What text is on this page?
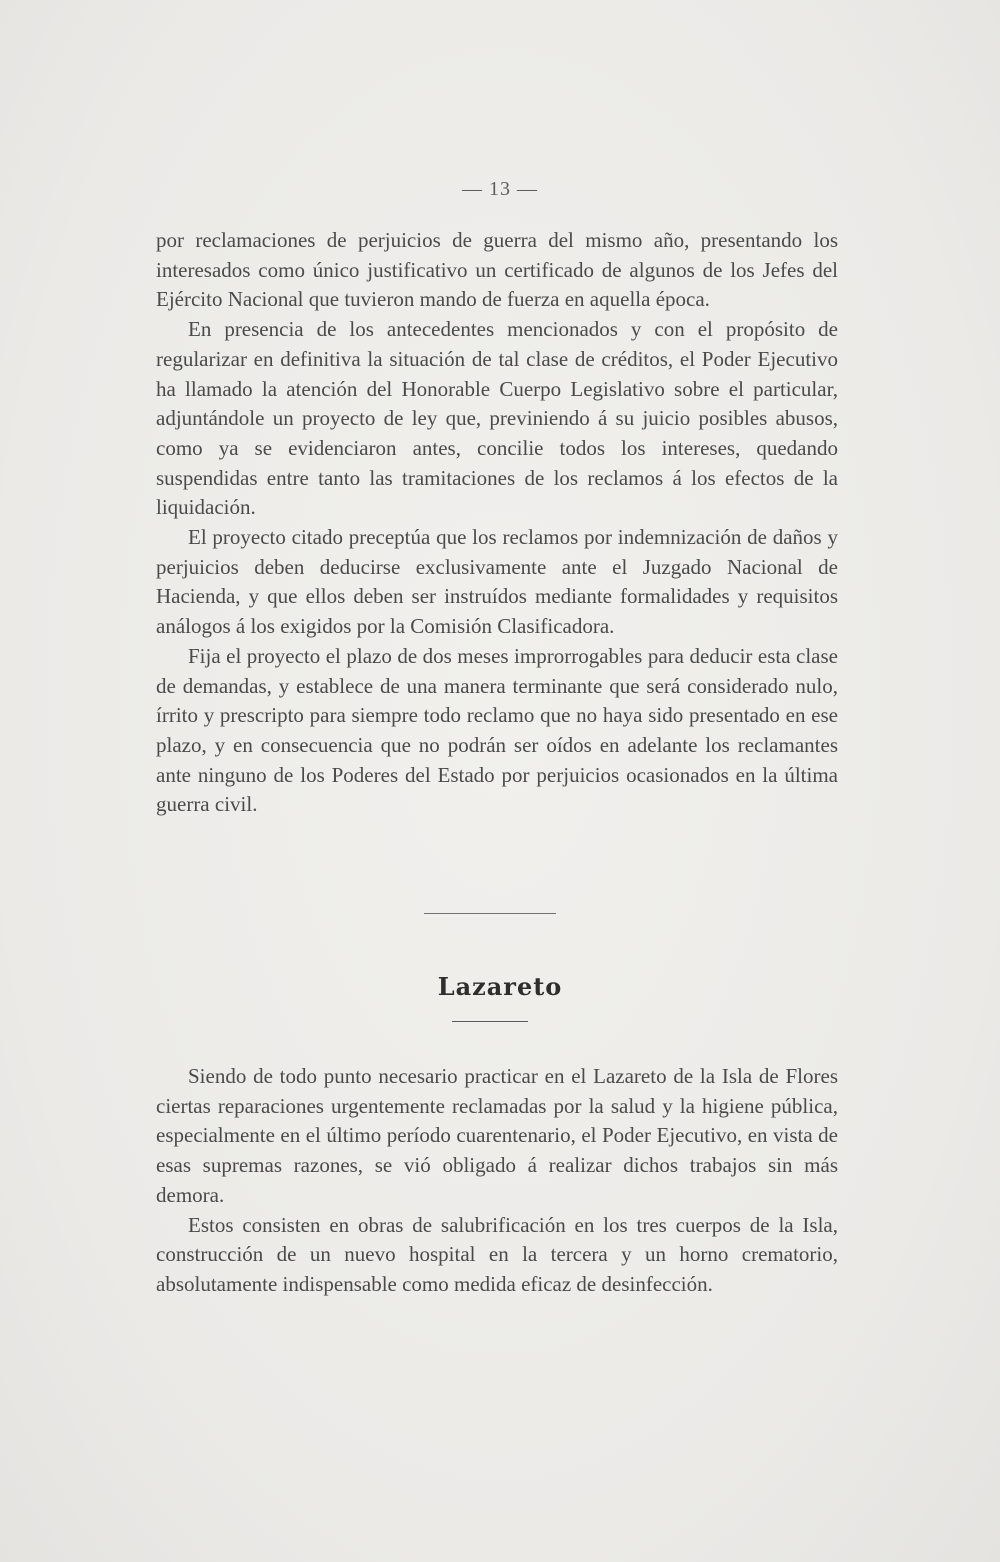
— 13 —

por reclamaciones de perjuicios de guerra del mismo año, presentando los interesados como único justificativo un certificado de algunos de los Jefes del Ejército Nacional que tuvieron mando de fuerza en aquella época.

En presencia de los antecedentes mencionados y con el propósito de regularizar en definitiva la situación de tal clase de créditos, el Poder Ejecutivo ha llamado la atención del Honorable Cuerpo Legislativo sobre el particular, adjuntándole un proyecto de ley que, previniendo á su juicio posibles abusos, como ya se evidenciaron antes, concilie todos los intereses, quedando suspendidas entre tanto las tramitaciones de los reclamos á los efectos de la liquidación.

El proyecto citado preceptúa que los reclamos por indemnización de daños y perjuicios deben deducirse exclusivamente ante el Juzgado Nacional de Hacienda, y que ellos deben ser instruídos mediante formalidades y requisitos análogos á los exigidos por la Comisión Clasificadora.

Fija el proyecto el plazo de dos meses improrrogables para deducir esta clase de demandas, y establece de una manera terminante que será considerado nulo, írrito y prescripto para siempre todo reclamo que no haya sido presentado en ese plazo, y en consecuencia que no podrán ser oídos en adelante los reclamantes ante ninguno de los Poderes del Estado por perjuicios ocasionados en la última guerra civil.

Lazareto

Siendo de todo punto necesario practicar en el Lazareto de la Isla de Flores ciertas reparaciones urgentemente reclamadas por la salud y la higiene pública, especialmente en el último período cuarentenario, el Poder Ejecutivo, en vista de esas supremas razones, se vió obligado á realizar dichos trabajos sin más demora.

Estos consisten en obras de salubrificación en los tres cuerpos de la Isla, construcción de un nuevo hospital en la tercera y un horno crematorio, absolutamente indispensable como medida eficaz de desinfección.
